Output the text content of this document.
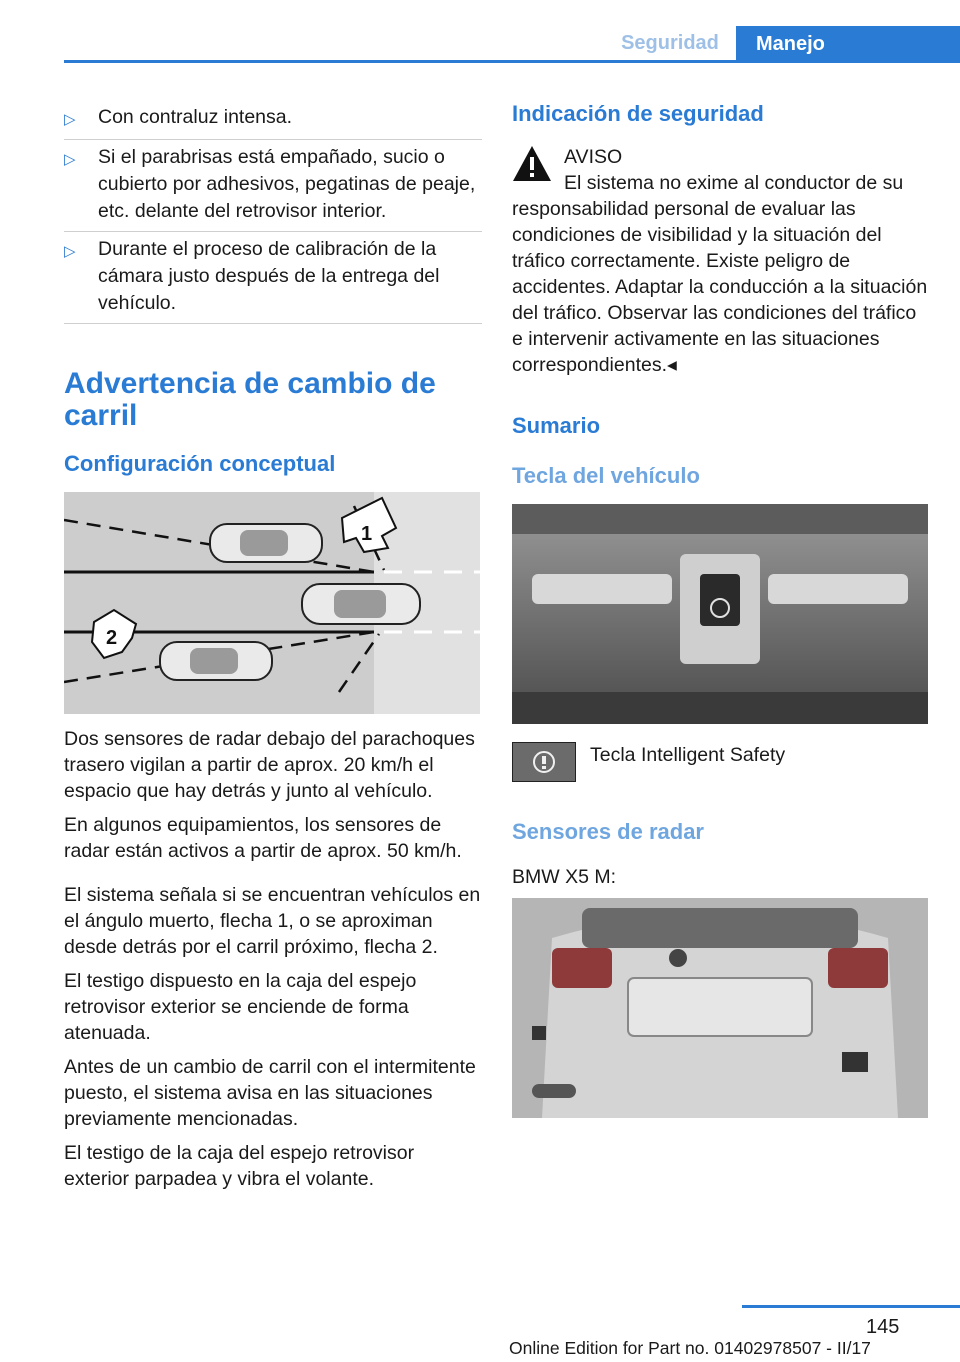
Seguridad	Manejo
▷	Con contraluz intensa.
▷	Si el parabrisas está empañado, sucio o cubierto por adhesivos, pegatinas de peaje, etc. delante del retrovisor interior.
▷	Durante el proceso de calibración de la cámara justo después de la entrega del vehículo.
Advertencia de cambio de carril
Configuración conceptual
1
2

Dos sensores de radar debajo del parachoques trasero vigilan a partir de aprox. 20 km/h el espacio que hay detrás y junto al vehículo.

En algunos equipamientos, los sensores de radar están activos a partir de aprox. 50 km/h.

El sistema señala si se encuentran vehículos en el ángulo muerto, flecha 1, o se aproximan desde detrás por el carril próximo, flecha 2.

El testigo dispuesto en la caja del espejo retrovisor exterior se enciende de forma atenuada.

Antes de un cambio de carril con el intermitente puesto, el sistema avisa en las situaciones previamente mencionadas.

El testigo de la caja del espejo retrovisor exterior parpadea y vibra el volante.

Indicación de seguridad
AVISO
El sistema no exime al conductor de su responsabilidad personal de evaluar las condiciones de visibilidad y la situación del tráfico correctamente. Existe peligro de accidentes. Adaptar la conducción a la situación del tráfico. Observar las condiciones del tráfico e intervenir activamente en las situaciones correspondientes.◂
Sumario
Tecla del vehículo
Tecla Intelligent Safety
Sensores de radar

BMW X5 M:

145
Online Edition for Part no. 01402978507 - II/17
